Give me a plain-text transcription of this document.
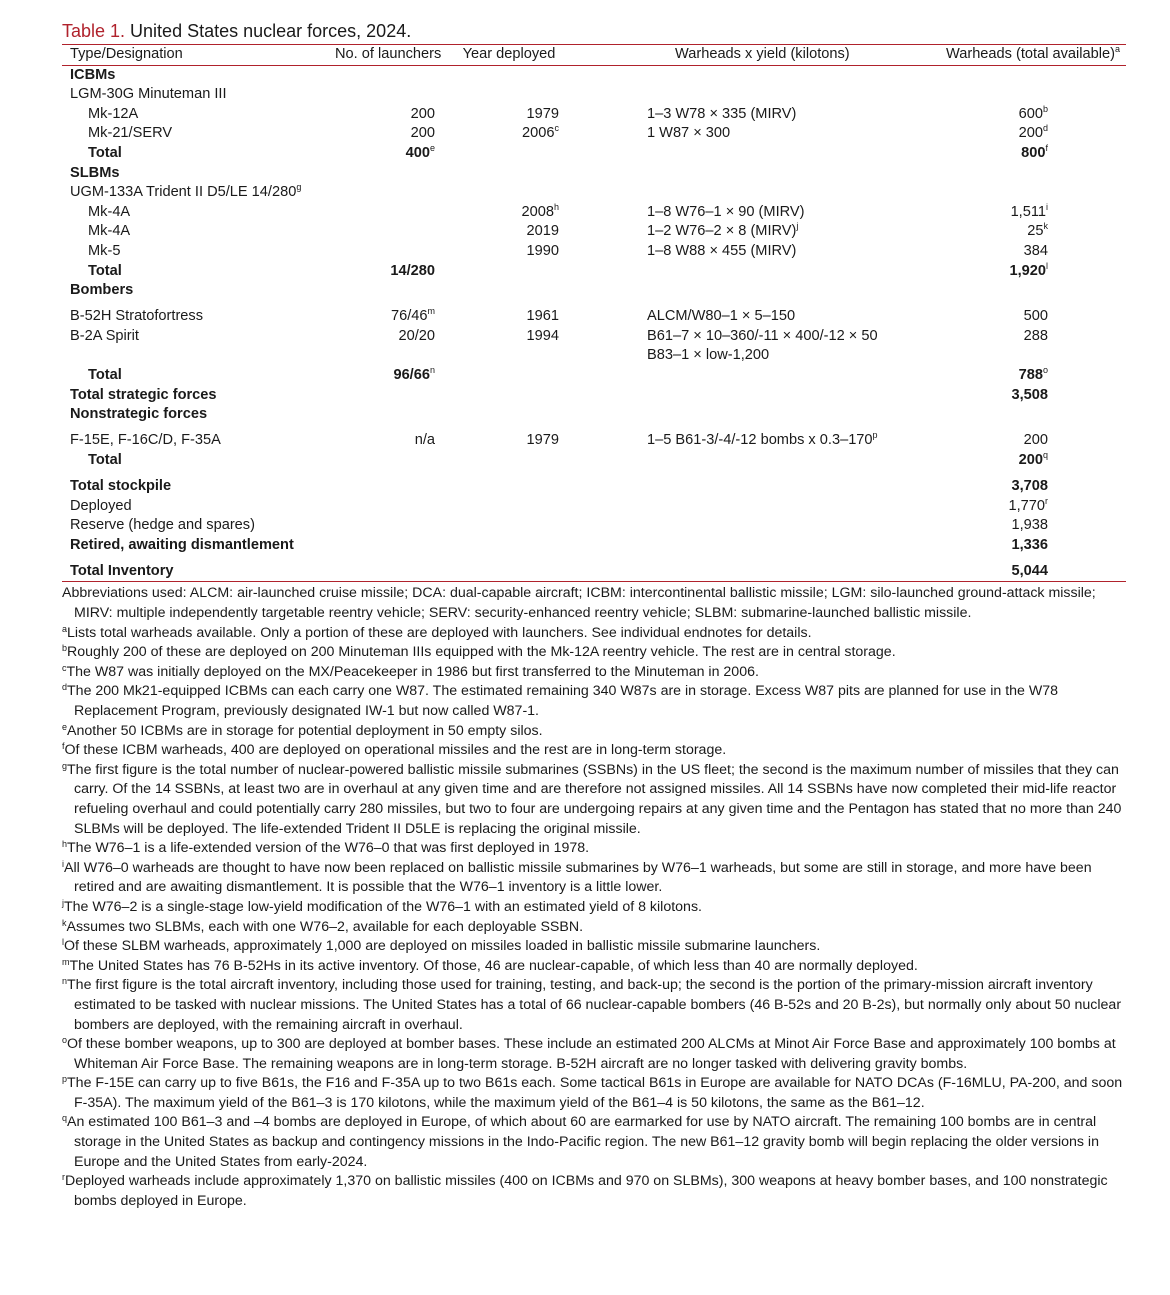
Table 1. United States nuclear forces, 2024.
Type/Designation	No. of launchers	Year deployed	Warheads x yield (kilotons)	Warheads (total available)$^a$
ICBMs				
LGM-30G Minuteman III				
Mk-12A	200	1979	1–3 W78 × 335 (MIRV)	600$^b$
Mk-21/SERV	200	2006$^c$	1 W87 × 300	200$^d$
Total	400e			800$^f$
SLBMs				
UGM-133A Trident II D5/LE 14/280$^g$				
Mk-4A		2008$^h$	1–8 W76–1 × 90 (MIRV)	1,511$^i$
Mk-4A		2019	1–2 W76–2 × 8 (MIRV)$^j$	25$^k$
Mk-5		1990	1–8 W88 × 455 (MIRV)	384
Total	14/280			1,920$^l$
Bombers				

B-52H Stratofortress	76/46$^m$	1961	ALCM/W80–1 × 5–150	500
B-2A Spirit	20/20	1994	B61–7 × 10–360/-11 × 400/-12 × 50	288
			B83–1 × low-1,200	
Total	96/66$^n$			788$^o$
Total strategic forces				3,508
Nonstrategic forces				

F-15E, F-16C/D, F-35A	n/a	1979	1–5 B61-3/-4/-12 bombs x 0.3–170$^p$	200
Total				200$^q$

Total stockpile				3,708
Deployed				1,770$^r$
Reserve (hedge and spares)				1,938
Retired, awaiting dismantlement				1,336

Total Inventory				5,044
Abbreviations used: ALCM: air-launched cruise missile; DCA: dual-capable aircraft; ICBM: intercontinental ballistic missile; LGM: silo-launched ground-attack missile; MIRV: multiple independently targetable reentry vehicle; SERV: security-enhanced reentry vehicle; SLBM: submarine-launched ballistic missile.
$^a$Lists total warheads available. Only a portion of these are deployed with launchers. See individual endnotes for details.
$^b$Roughly 200 of these are deployed on 200 Minuteman IIIs equipped with the Mk-12A reentry vehicle. The rest are in central storage.
$^c$The W87 was initially deployed on the MX/Peacekeeper in 1986 but first transferred to the Minuteman in 2006.
$^d$The 200 Mk21-equipped ICBMs can each carry one W87. The estimated remaining 340 W87s are in storage. Excess W87 pits are planned for use in the W78 Replacement Program, previously designated IW-1 but now called W87-1.
$^e$Another 50 ICBMs are in storage for potential deployment in 50 empty silos.
$^f$Of these ICBM warheads, 400 are deployed on operational missiles and the rest are in long-term storage.
$^g$The first figure is the total number of nuclear-powered ballistic missile submarines (SSBNs) in the US fleet; the second is the maximum number of missiles that they can carry. Of the 14 SSBNs, at least two are in overhaul at any given time and are therefore not assigned missiles. All 14 SSBNs have now completed their mid-life reactor refueling overhaul and could potentially carry 280 missiles, but two to four are undergoing repairs at any given time and the Pentagon has stated that no more than 240 SLBMs will be deployed. The life-extended Trident II D5LE is replacing the original missile.
$^h$The W76–1 is a life-extended version of the W76–0 that was first deployed in 1978.
$^i$All W76–0 warheads are thought to have now been replaced on ballistic missile submarines by W76–1 warheads, but some are still in storage, and more have been retired and are awaiting dismantlement. It is possible that the W76–1 inventory is a little lower.
$^j$The W76–2 is a single-stage low-yield modification of the W76–1 with an estimated yield of 8 kilotons.
$^k$Assumes two SLBMs, each with one W76–2, available for each deployable SSBN.
$^l$Of these SLBM warheads, approximately 1,000 are deployed on missiles loaded in ballistic missile submarine launchers.
$^m$The United States has 76 B-52Hs in its active inventory. Of those, 46 are nuclear-capable, of which less than 40 are normally deployed.
$^n$The first figure is the total aircraft inventory, including those used for training, testing, and back-up; the second is the portion of the primary-mission aircraft inventory estimated to be tasked with nuclear missions. The United States has a total of 66 nuclear-capable bombers (46 B-52s and 20 B-2s), but normally only about 50 nuclear bombers are deployed, with the remaining aircraft in overhaul.
$^o$Of these bomber weapons, up to 300 are deployed at bomber bases. These include an estimated 200 ALCMs at Minot Air Force Base and approximately 100 bombs at Whiteman Air Force Base. The remaining weapons are in long-term storage. B-52H aircraft are no longer tasked with delivering gravity bombs.
$^p$The F-15E can carry up to five B61s, the F16 and F-35A up to two B61s each. Some tactical B61s in Europe are available for NATO DCAs (F-16MLU, PA-200, and soon F-35A). The maximum yield of the B61–3 is 170 kilotons, while the maximum yield of the B61–4 is 50 kilotons, the same as the B61–12.
$^q$An estimated 100 B61–3 and –4 bombs are deployed in Europe, of which about 60 are earmarked for use by NATO aircraft. The remaining 100 bombs are in central storage in the United States as backup and contingency missions in the Indo-Pacific region. The new B61–12 gravity bomb will begin replacing the older versions in Europe and the United States from early-2024.
$^r$Deployed warheads include approximately 1,370 on ballistic missiles (400 on ICBMs and 970 on SLBMs), 300 weapons at heavy bomber bases, and 100 nonstrategic bombs deployed in Europe.
